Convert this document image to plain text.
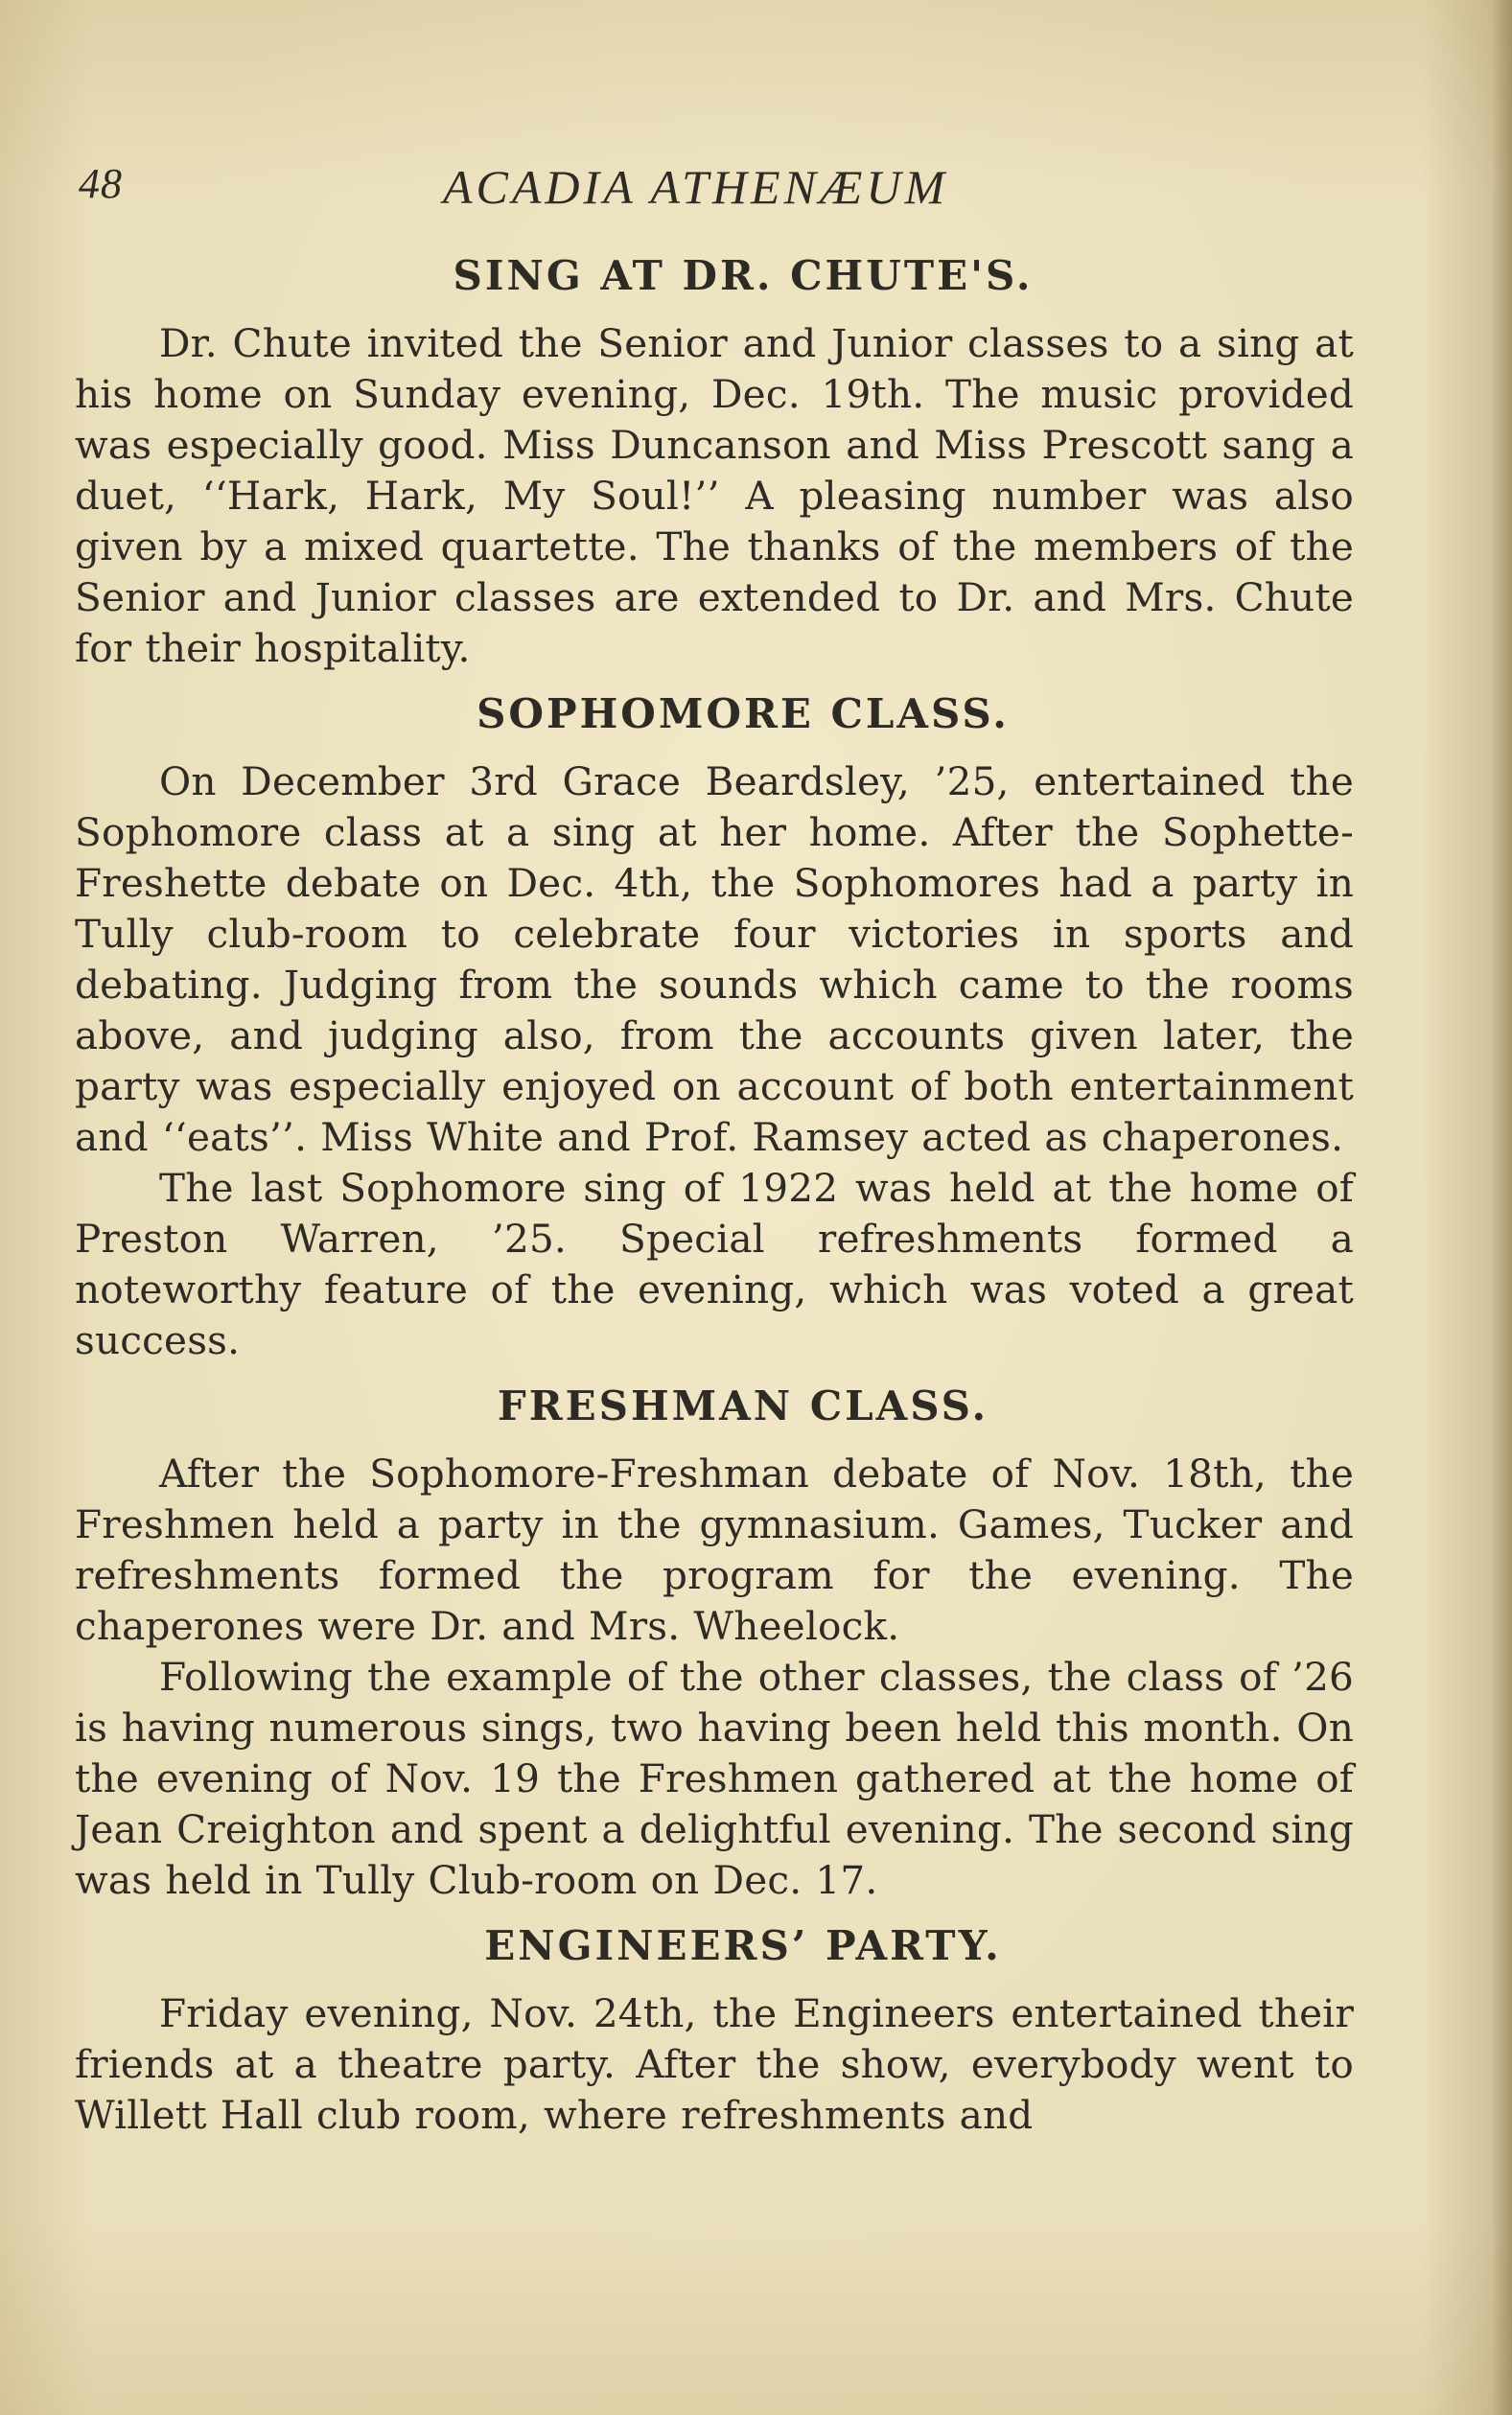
48	ACADIA ATHENÆUM
SING AT DR. CHUTE'S.

Dr. Chute invited the Senior and Junior classes to a sing at his home on Sunday evening, Dec. 19th. The music provided was especially good. Miss Duncanson and Miss Prescott sang a duet, ‘‘Hark, Hark, My Soul!’’ A pleasing number was also given by a mixed quartette. The thanks of the members of the Senior and Junior classes are extended to Dr. and Mrs. Chute for their hospitality.

SOPHOMORE CLASS.

On December 3rd Grace Beardsley, ’25, entertained the Sophomore class at a sing at her home. After the Sophette-Freshette debate on Dec. 4th, the Sophomores had a party in Tully club-room to celebrate four victories in sports and debating. Judging from the sounds which came to the rooms above, and judging also, from the accounts given later, the party was especially enjoyed on account of both entertainment and ‘‘eats’’. Miss White and Prof. Ramsey acted as chaperones.

The last Sophomore sing of 1922 was held at the home of Preston Warren, ’25. Special refreshments formed a noteworthy feature of the evening, which was voted a great success.

FRESHMAN CLASS.

After the Sophomore-Freshman debate of Nov. 18th, the Freshmen held a party in the gymnasium. Games, Tucker and refreshments formed the program for the evening. The chaperones were Dr. and Mrs. Wheelock.

Following the example of the other classes, the class of ’26 is having numerous sings, two having been held this month. On the evening of Nov. 19 the Freshmen gathered at the home of Jean Creighton and spent a delightful evening. The second sing was held in Tully Club-room on Dec. 17.

ENGINEERS’ PARTY.

Friday evening, Nov. 24th, the Engineers entertained their friends at a theatre party. After the show, everybody went to Willett Hall club room, where refreshments and
